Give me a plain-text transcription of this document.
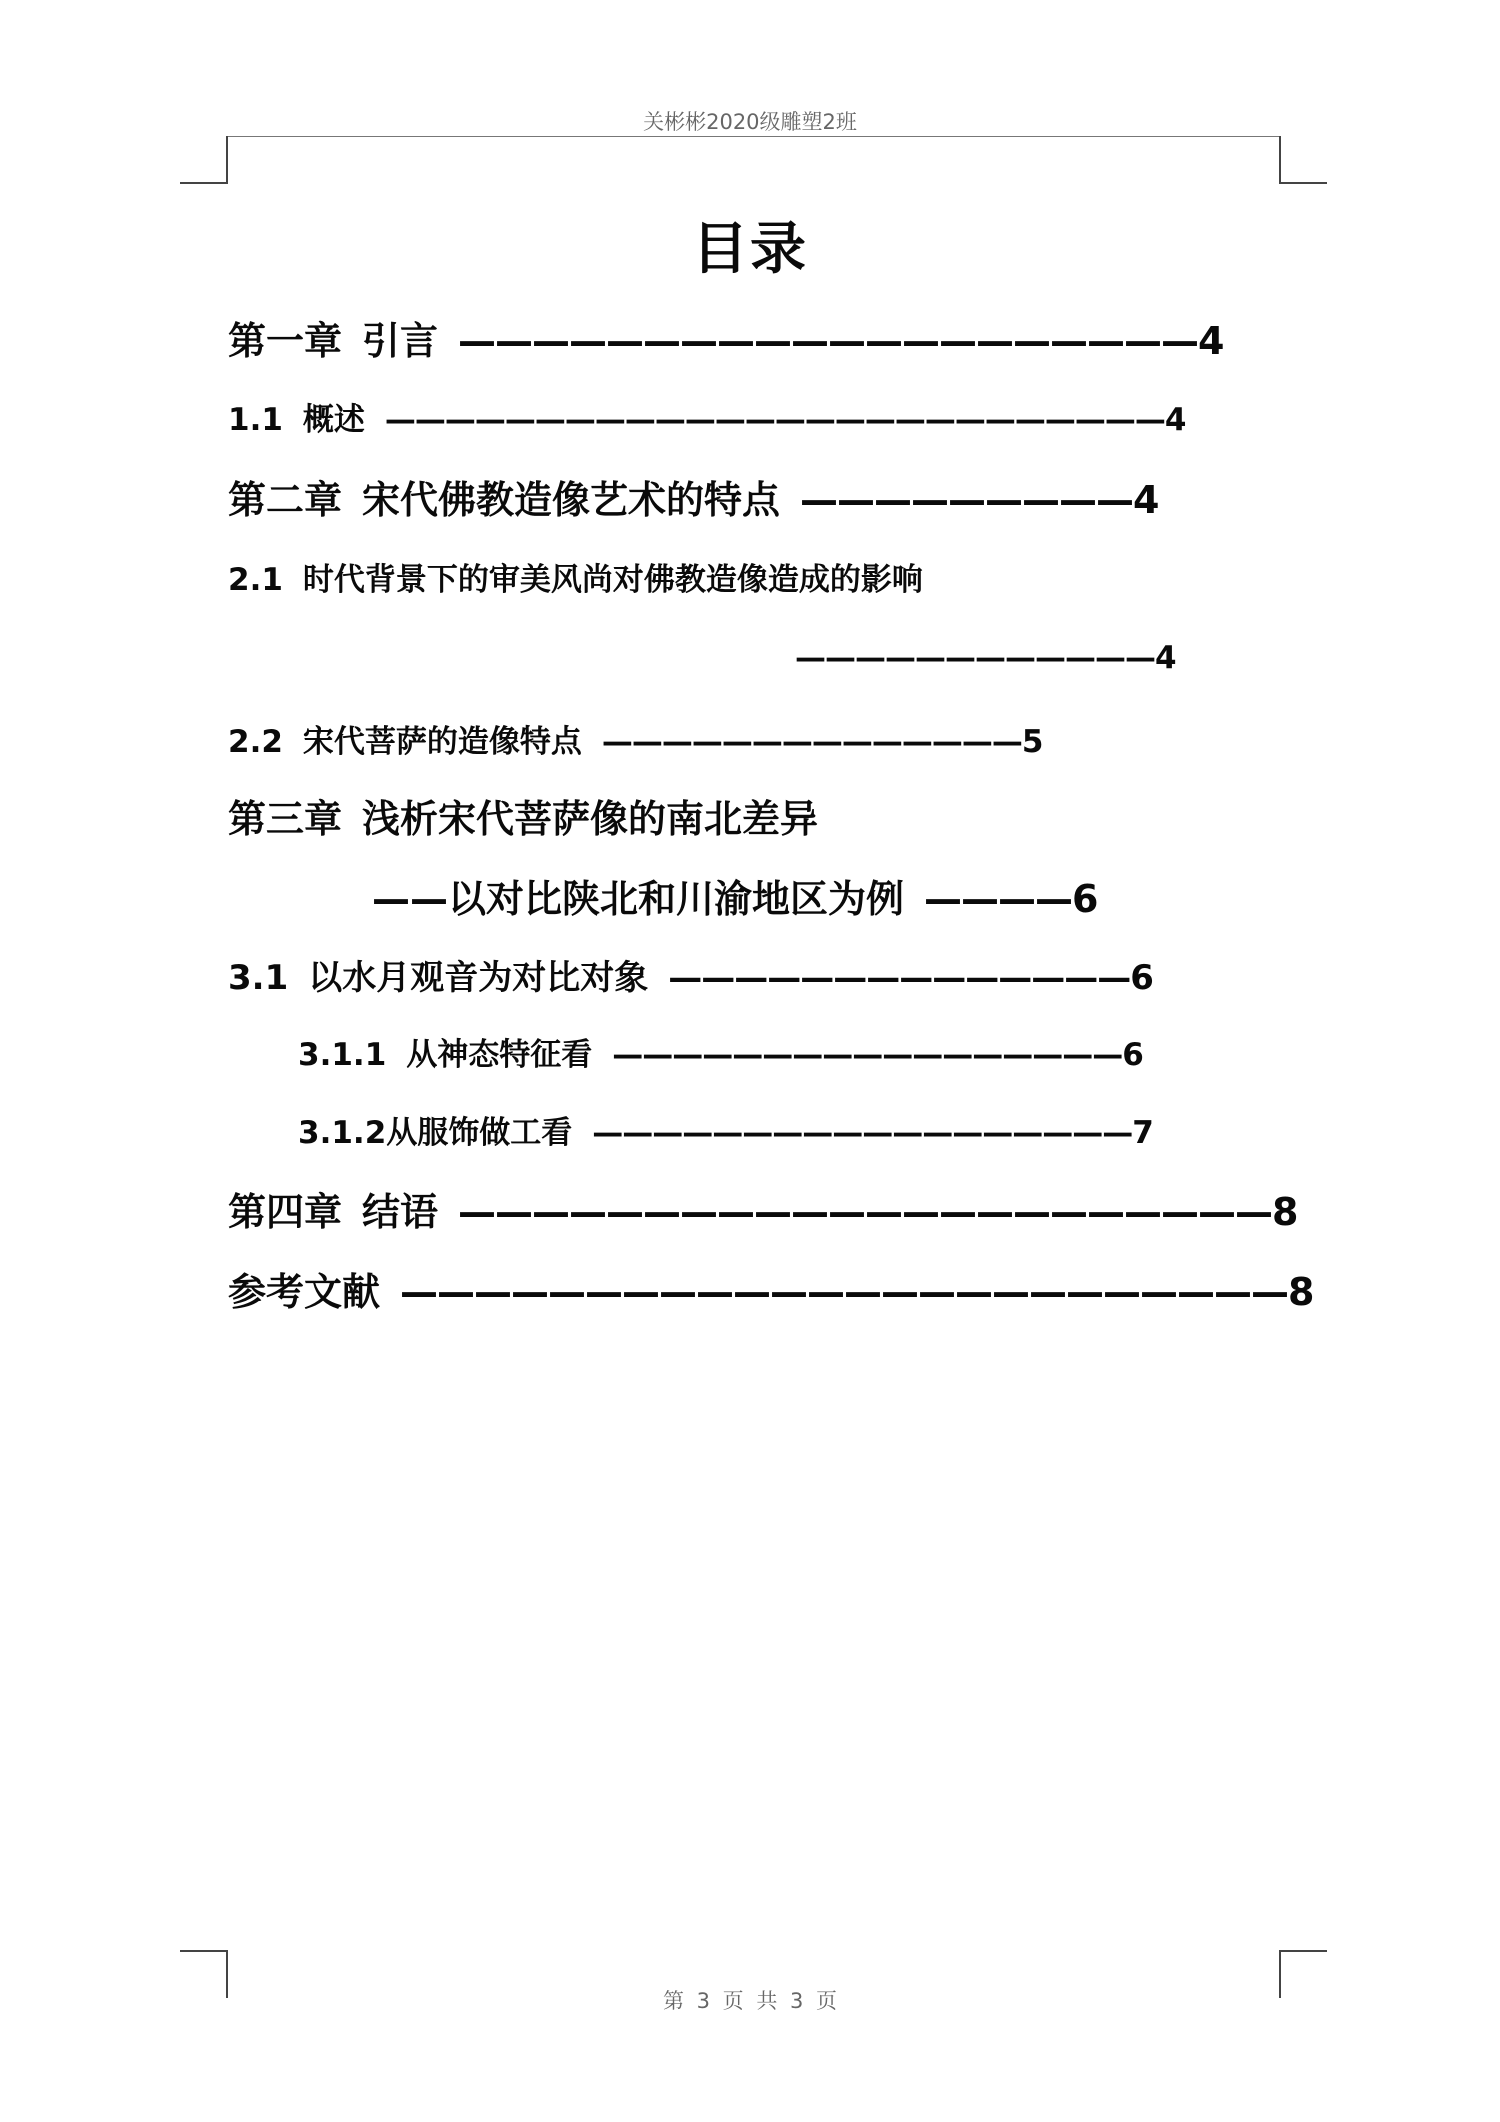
关彬彬2020级雕塑2班
目录
第一章 引言 ————————————————————4
1.1 概述 ——————————————————————————4
第二章 宋代佛教造像艺术的特点 —————————4
2.1 时代背景下的审美风尚对佛教造像造成的影响
————————————4
2.2 宋代菩萨的造像特点 ——————————————5
第三章 浅析宋代菩萨像的南北差异
——以对比陕北和川渝地区为例 ————6
3.1 以水月观音为对比对象 ——————————————6
3.1.1 从神态特征看 —————————————————6
3.1.2从服饰做工看 ——————————————————7
第四章 结语 ——————————————————————8
参考文献 ————————————————————————8
第 3 页 共 3 页
